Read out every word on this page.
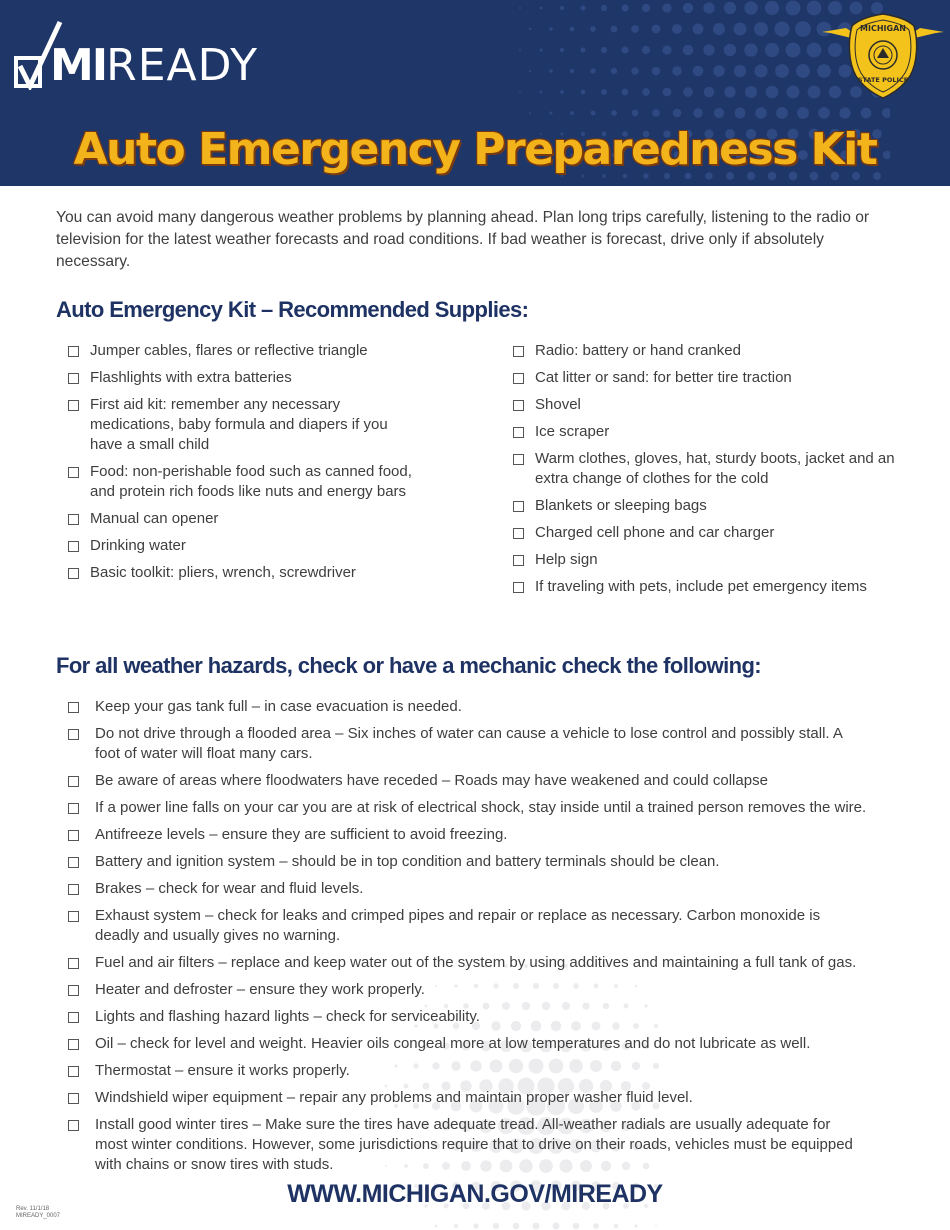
MI READY
MICHIGAN
STATE POLICE
Auto Emergency Preparedness Kit
You can avoid many dangerous weather problems by planning ahead. Plan long trips carefully, listening to the radio or television for the latest weather forecasts and road conditions. If bad weather is forecast, drive only if absolutely necessary.
Auto Emergency Kit – Recommended Supplies:
Jumper cables, flares or reflective triangle
Flashlights with extra batteries
First aid kit: remember any necessary medications, baby formula and diapers if you have a small child
Food: non-perishable food such as canned food, and protein rich foods like nuts and energy bars
Manual can opener
Drinking water
Basic toolkit: pliers, wrench, screwdriver
Radio: battery or hand cranked
Cat litter or sand: for better tire traction
Shovel
Ice scraper
Warm clothes, gloves, hat, sturdy boots, jacket and an extra change of clothes for the cold
Blankets or sleeping bags
Charged cell phone and car charger
Help sign
If traveling with pets, include pet emergency items
For all weather hazards, check or have a mechanic check the following:
Keep your gas tank full – in case evacuation is needed.
Do not drive through a flooded area – Six inches of water can cause a vehicle to lose control and possibly stall. A foot of water will float many cars.
Be aware of areas where floodwaters have receded – Roads may have weakened and could collapse
If a power line falls on your car you are at risk of electrical shock, stay inside until a trained person removes the wire.
Antifreeze levels – ensure they are sufficient to avoid freezing.
Battery and ignition system – should be in top condition and battery terminals should be clean.
Brakes – check for wear and fluid levels.
Exhaust system – check for leaks and crimped pipes and repair or replace as necessary. Carbon monoxide is deadly and usually gives no warning.
Fuel and air filters – replace and keep water out of the system by using additives and maintaining a full tank of gas.
Heater and defroster – ensure they work properly.
Lights and flashing hazard lights – check for serviceability.
Oil – check for level and weight. Heavier oils congeal more at low temperatures and do not lubricate as well.
Thermostat – ensure it works properly.
Windshield wiper equipment – repair any problems and maintain proper washer fluid level.
Install good winter tires – Make sure the tires have adequate tread. All-weather radials are usually adequate for most winter conditions. However, some jurisdictions require that to drive on their roads, vehicles must be equipped with chains or snow tires with studs.
WWW.MICHIGAN.GOV/MIREADY
Rev. 11/1/18
MIREADY_0007
